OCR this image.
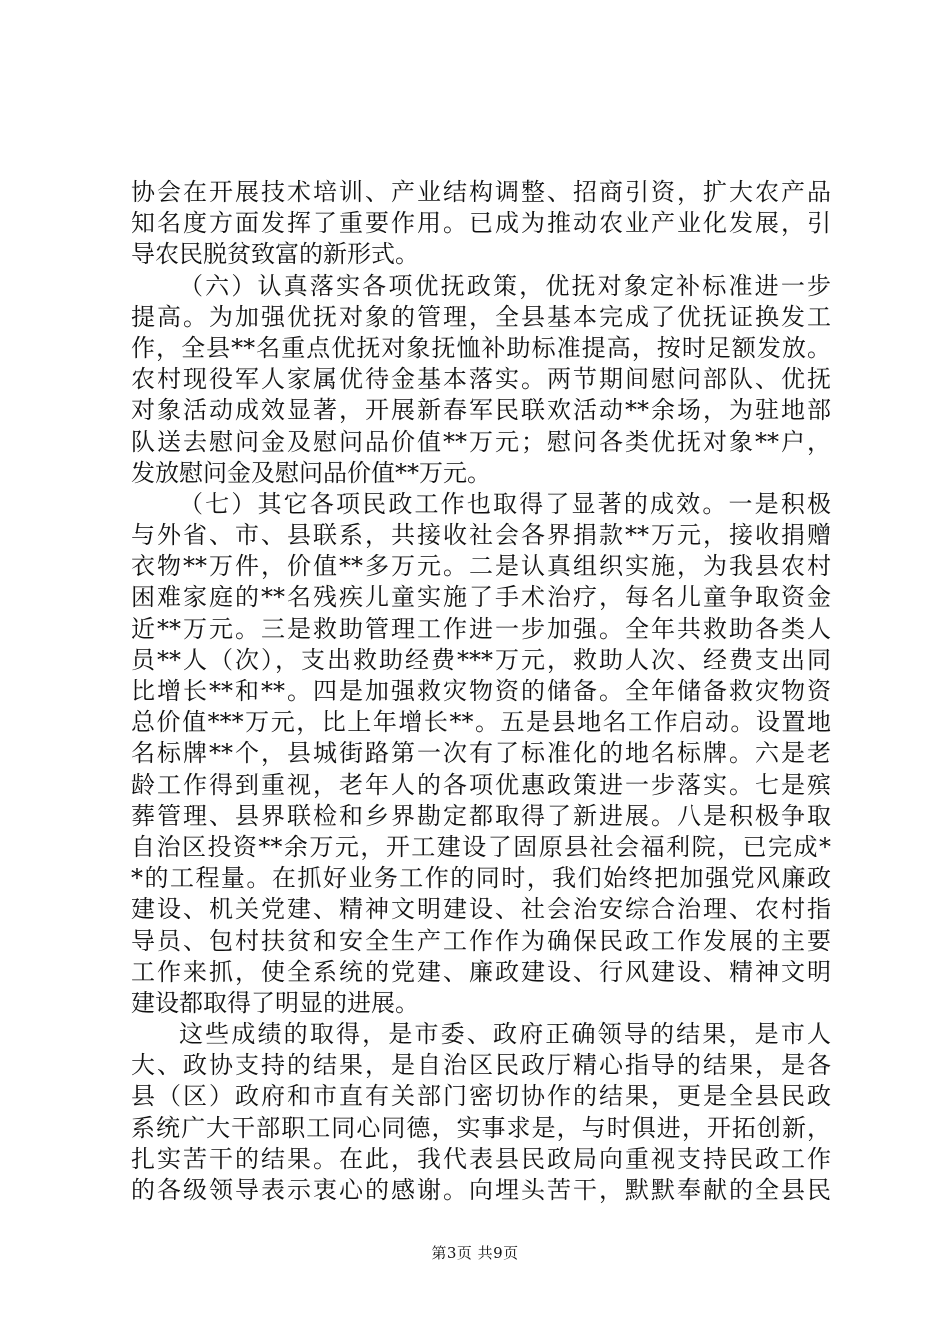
协会在开展技术培训、产业结构调整、招商引资，扩大农产品
知名度方面发挥了重要作用。已成为推动农业产业化发展，引
导农民脱贫致富的新形式。
（六）认真落实各项优抚政策，优抚对象定补标准进一步
提高。为加强优抚对象的管理，全县基本完成了优抚证换发工
作，全县**名重点优抚对象抚恤补助标准提高，按时足额发放。
农村现役军人家属优待金基本落实。两节期间慰问部队、优抚
对象活动成效显著，开展新春军民联欢活动**余场，为驻地部
队送去慰问金及慰问品价值**万元；慰问各类优抚对象**户，
发放慰问金及慰问品价值**万元。
（七）其它各项民政工作也取得了显著的成效。一是积极
与外省、市、县联系，共接收社会各界捐款**万元，接收捐赠
衣物**万件，价值**多万元。二是认真组织实施，为我县农村
困难家庭的**名残疾儿童实施了手术治疗，每名儿童争取资金
近**万元。三是救助管理工作进一步加强。全年共救助各类人
员**人（次），支出救助经费***万元，救助人次、经费支出同
比增长**和**。四是加强救灾物资的储备。全年储备救灾物资
总价值***万元，比上年增长**。五是县地名工作启动。设置地
名标牌**个，县城街路第一次有了标准化的地名标牌。六是老
龄工作得到重视，老年人的各项优惠政策进一步落实。七是殡
葬管理、县界联检和乡界勘定都取得了新进展。八是积极争取
自治区投资**余万元，开工建设了固原县社会福利院，已完成*
*的工程量。在抓好业务工作的同时，我们始终把加强党风廉政
建设、机关党建、精神文明建设、社会治安综合治理、农村指
导员、包村扶贫和安全生产工作作为确保民政工作发展的主要
工作来抓，使全系统的党建、廉政建设、行风建设、精神文明
建设都取得了明显的进展。
这些成绩的取得，是市委、政府正确领导的结果，是市人
大、政协支持的结果，是自治区民政厅精心指导的结果，是各
县（区）政府和市直有关部门密切协作的结果，更是全县民政
系统广大干部职工同心同德，实事求是，与时俱进，开拓创新，
扎实苦干的结果。在此，我代表县民政局向重视支持民政工作
的各级领导表示衷心的感谢。向埋头苦干，默默奉献的全县民
第3页 共9页
